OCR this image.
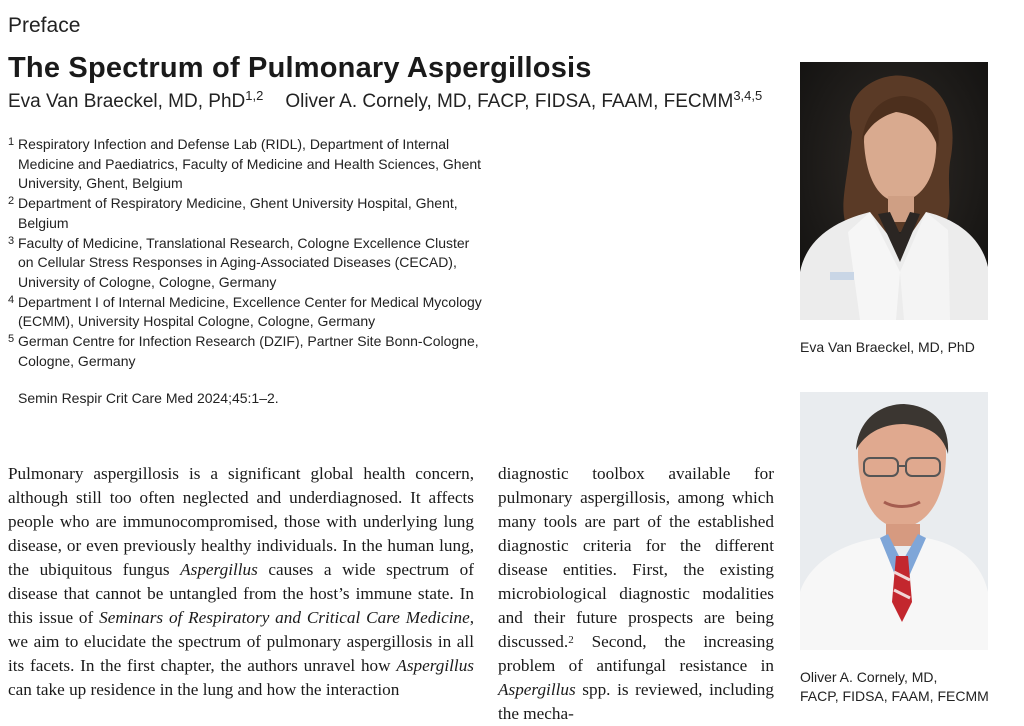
Preface
The Spectrum of Pulmonary Aspergillosis
Eva Van Braeckel, MD, PhD$^{1,2}$ Oliver A. Cornely, MD, FACP, FIDSA, FAAM, FECMM$^{3,4,5}$
1 Respiratory Infection and Defense Lab (RIDL), Department of Internal Medicine and Paediatrics, Faculty of Medicine and Health Sciences, Ghent University, Ghent, Belgium
2 Department of Respiratory Medicine, Ghent University Hospital, Ghent, Belgium
3 Faculty of Medicine, Translational Research, Cologne Excellence Cluster on Cellular Stress Responses in Aging-Associated Diseases (CECAD), University of Cologne, Cologne, Germany
4 Department I of Internal Medicine, Excellence Center for Medical Mycology (ECMM), University Hospital Cologne, Cologne, Germany
5 German Centre for Infection Research (DZIF), Partner Site Bonn-Cologne, Cologne, Germany
Semin Respir Crit Care Med 2024;45:1–2.
Pulmonary aspergillosis is a significant global health concern, although still too often neglected and underdiagnosed. It affects people who are immunocompromised, those with underlying lung disease, or even previously healthy individuals. In the human lung, the ubiquitous fungus Aspergillus causes a wide spectrum of disease that cannot be untangled from the host’s immune state. In this issue of Seminars of Respiratory and Critical Care Medicine, we aim to elucidate the spectrum of pulmonary aspergillosis in all its facets. In the first chapter, the authors unravel how Aspergillus can take up residence in the lung and how the interaction
diagnostic toolbox available for pulmonary aspergillosis, among which many tools are part of the established diagnostic criteria for the different disease entities. First, the existing microbiological diagnostic modalities and their future prospects are being discussed.$^2$ Second, the increasing problem of antifungal resistance in Aspergillus spp. is reviewed, including the mecha-
Eva Van Braeckel, MD, PhD
Oliver A. Cornely, MD,
FACP, FIDSA, FAAM, FECMM
